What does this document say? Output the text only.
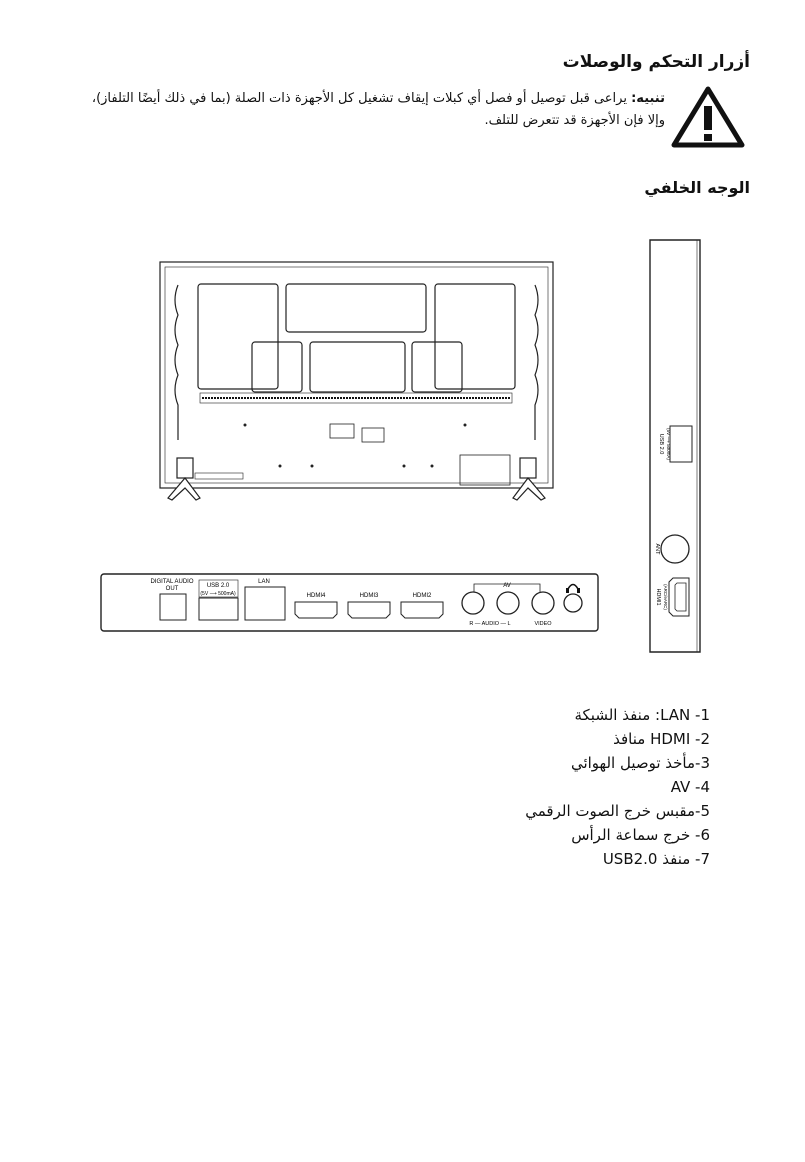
أزرار التحكم والوصلات
تنبيه: يراعى قبل توصيل أو فصل أي كبلات إيقاف تشغيل كل الأجهزة ذات الصلة (بما في ذلك أيضًا التلفاز)،
وإلا فإن الأجهزة قد تتعرض للتلف.
الوجه الخلفي
DIGITAL AUDIO
OUT	USB 2.0
(5V ⟶ 500mA)
LAN
HDMI4	HDMI3	HDMI2
AV
R — AUDIO — L	VIDEO
USB 2.0 (5V ⟶ 500mA)
ANT
HDMI1 (ARC/eARC)
LAN -1: منفذ الشبكة
HDMI -2 منافذ
3-مأخذ توصيل الهوائي
AV -4
5-مقبس خرج الصوت الرقمي
6- خرج سماعة الرأس
7- منفذ USB2.0
